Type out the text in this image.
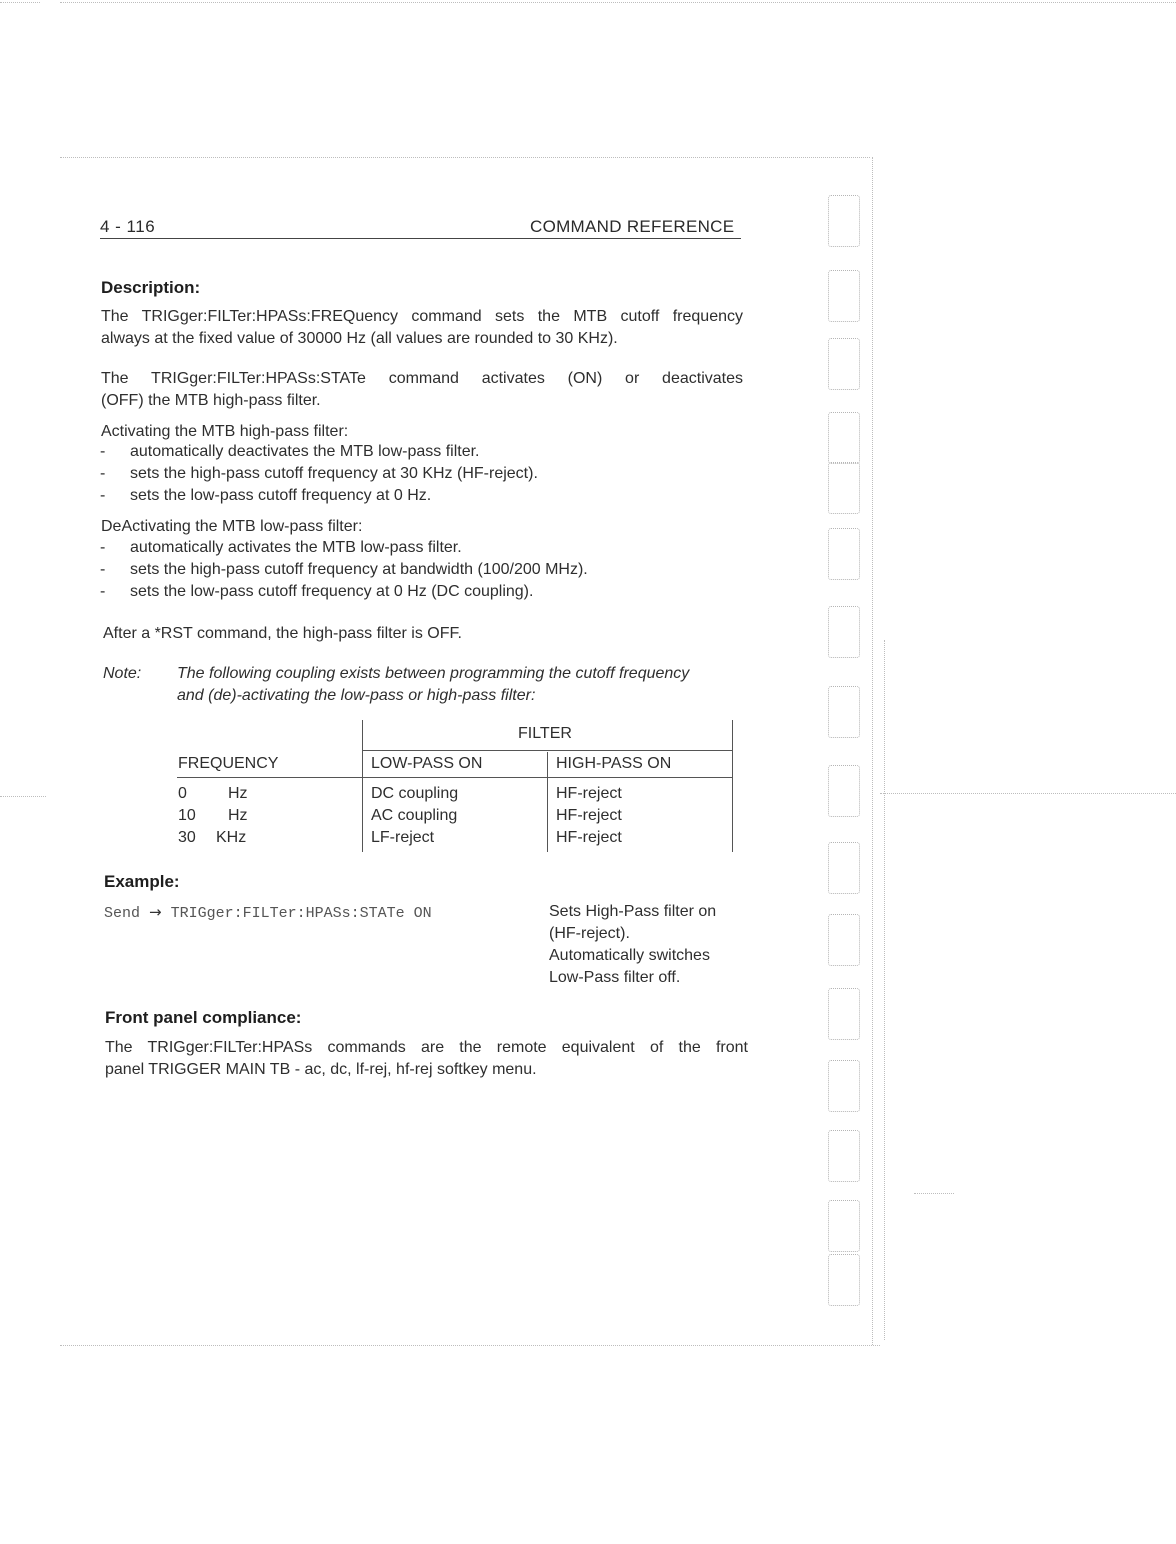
4 - 116	COMMAND REFERENCE
Description:
The TRIGger:FILTer:HPASs:FREQuency command sets the MTB cutoff frequency
always at the fixed value of 30000 Hz (all values are rounded to 30 KHz).
The TRIGger:FILTer:HPASs:STATe command activates (ON) or deactivates
(OFF) the MTB high-pass filter.
Activating the MTB high-pass filter:
- automatically deactivates the MTB low-pass filter.
- sets the high-pass cutoff frequency at 30 KHz (HF-reject).
- sets the low-pass cutoff frequency at 0 Hz.
DeActivating the MTB low-pass filter:
- automatically activates the MTB low-pass filter.
- sets the high-pass cutoff frequency at bandwidth (100/200 MHz).
- sets the low-pass cutoff frequency at 0 Hz (DC coupling).
After a *RST command, the high-pass filter is OFF.
Note: The following coupling exists between programming the cutoff frequency
and (de)-activating the low-pass or high-pass filter:
FILTER
FREQUENCY	LOW-PASS ON	HIGH-PASS ON
0	Hz	DC coupling	HF-reject
10 Hz	AC coupling	HF-reject
30 KHz	LF-reject	HF-reject
Example:
Send → TRIGger:FILTer:HPASs:STATe ON	Sets High-Pass filter on
(HF-reject).
Automatically switches
Low-Pass filter off.
Front panel compliance:
The TRIGger:FILTer:HPASs commands are the remote equivalent of the front
panel TRIGGER MAIN TB - ac, dc, lf-rej, hf-rej softkey menu.
